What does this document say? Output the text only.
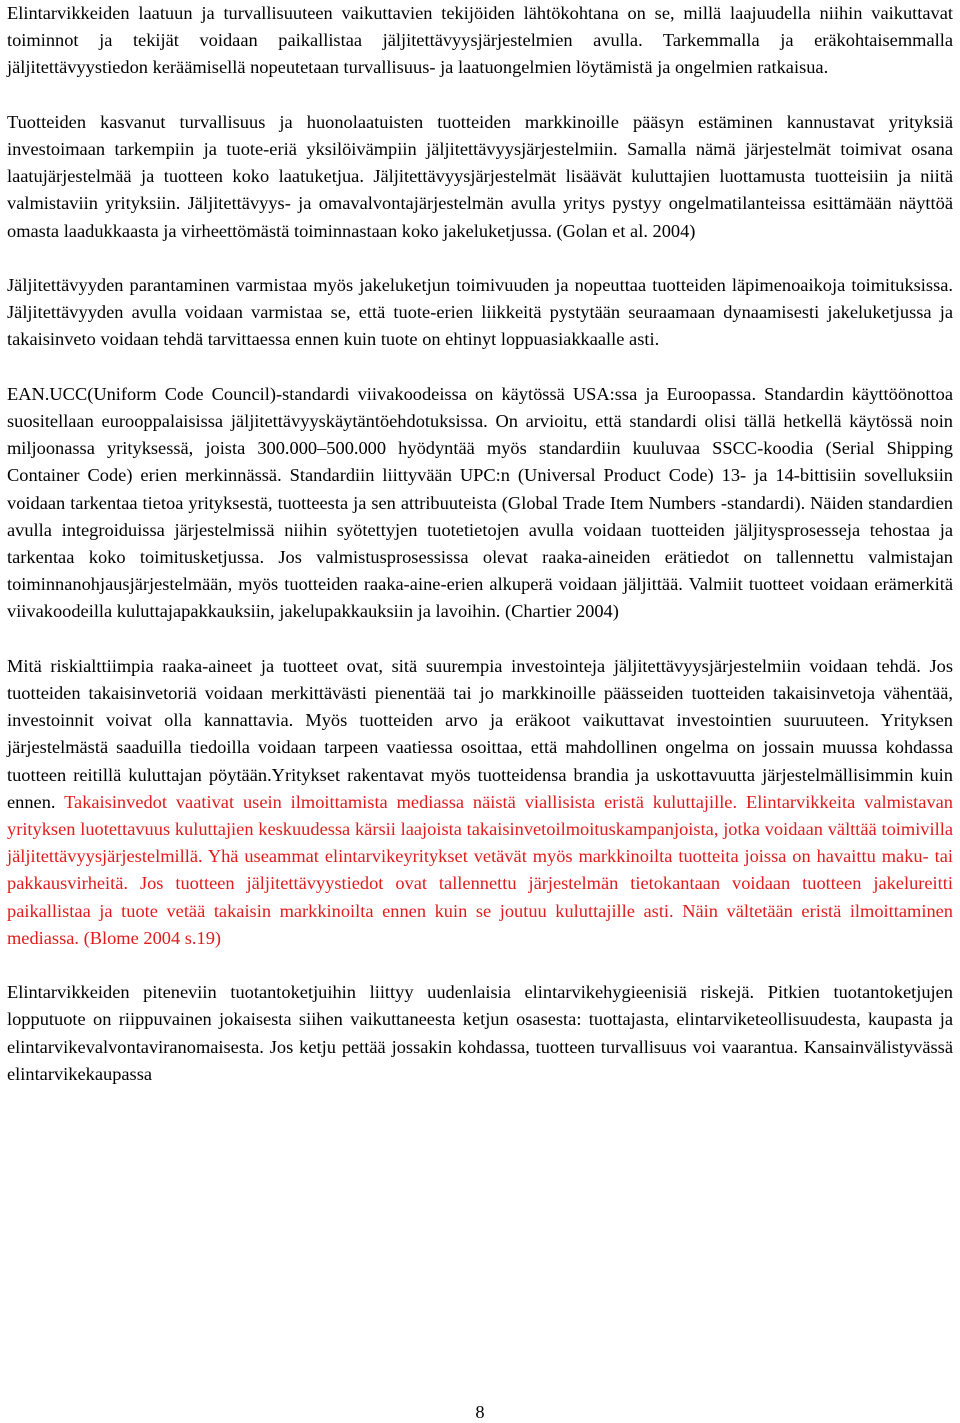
Elintarvikkeiden laatuun ja turvallisuuteen vaikuttavien tekijöiden lähtökohtana on se, millä laajuudella niihin vaikuttavat toiminnot ja tekijät voidaan paikallistaa jäljitettävyysjärjestelmien avulla. Tarkemmalla ja eräkohtaisemmalla jäljitettävyystiedon keräämisellä nopeutetaan turvallisuus- ja laatuongelmien löytämistä ja ongelmien ratkaisua.

Tuotteiden kasvanut turvallisuus ja huonolaatuisten tuotteiden markkinoille pääsyn estäminen kannustavat yrityksiä investoimaan tarkempiin ja tuote-eriä yksilöivämpiin jäljitettävyysjärjestelmiin. Samalla nämä järjestelmät toimivat osana laatujärjestelmää ja tuotteen koko laatuketjua. Jäljitettävyysjärjestelmät lisäävät kuluttajien luottamusta tuotteisiin ja niitä valmistaviin yrityksiin. Jäljitettävyys- ja omavalvontajärjestelmän avulla yritys pystyy ongelmatilanteissa esittämään näyttöä omasta laadukkaasta ja virheettömästä toiminnastaan koko jakeluketjussa. (Golan et al. 2004)

Jäljitettävyyden parantaminen varmistaa myös jakeluketjun toimivuuden ja nopeuttaa tuotteiden läpimenoaikoja toimituksissa. Jäljitettävyyden avulla voidaan varmistaa se, että tuote-erien liikkeitä pystytään seuraamaan dynaamisesti jakeluketjussa ja takaisinveto voidaan tehdä tarvittaessa ennen kuin tuote on ehtinyt loppuasiakkaalle asti.

EAN.UCC(Uniform Code Council)-standardi viivakoodeissa on käytössä USA:ssa ja Euroopassa. Standardin käyttöönottoa suositellaan eurooppalaisissa jäljitettävyyskäytäntöehdotuksissa. On arvioitu, että standardi olisi tällä hetkellä käytössä noin miljoonassa yrityksessä, joista 300.000–500.000 hyödyntää myös standardiin kuuluvaa SSCC-koodia (Serial Shipping Container Code) erien merkinnässä. Standardiin liittyvään UPC:n (Universal Product Code) 13- ja 14-bittisiin sovelluksiin voidaan tarkentaa tietoa yrityksestä, tuotteesta ja sen attribuuteista (Global Trade Item Numbers -standardi). Näiden standardien avulla integroiduissa järjestelmissä niihin syötettyjen tuotetietojen avulla voidaan tuotteiden jäljitysprosesseja tehostaa ja tarkentaa koko toimitusketjussa. Jos valmistusprosessissa olevat raaka-aineiden erätiedot on tallennettu valmistajan toiminnanohjausjärjestelmään, myös tuotteiden raaka-aine-erien alkuperä voidaan jäljittää. Valmiit tuotteet voidaan erämerkitä viivakoodeilla kuluttajapakkauksiin, jakelupakkauksiin ja lavoihin. (Chartier 2004)

Mitä riskialttiimpia raaka-aineet ja tuotteet ovat, sitä suurempia investointeja jäljitettävyysjärjestelmiin voidaan tehdä. Jos tuotteiden takaisinvetoriä voidaan merkittävästi pienentää tai jo markkinoille päässeiden tuotteiden takaisinvetoja vähentää, investoinnit voivat olla kannattavia. Myös tuotteiden arvo ja eräkoot vaikuttavat investointien suuruuteen. Yrityksen järjestelmästä saaduilla tiedoilla voidaan tarpeen vaatiessa osoittaa, että mahdollinen ongelma on jossain muussa kohdassa tuotteen reitillä kuluttajan pöytään.Yritykset rakentavat myös tuotteidensa brandia ja uskottavuutta järjestelmällisimmin kuin ennen. Takaisinvedot vaativat usein ilmoittamista mediassa näistä viallisista eristä kuluttajille. Elintarvikkeita valmistavan yrityksen luotettavuus kuluttajien keskuudessa kärsii laajoista takaisinvetoilmoituskampanjoista, jotka voidaan välttää toimivilla jäljitettävyysjärjestelmillä. Yhä useammat elintarvikeyritykset vetävät myös markkinoilta tuotteita joissa on havaittu maku- tai pakkausvirheitä. Jos tuotteen jäljitettävyystiedot ovat tallennettu järjestelmän tietokantaan voidaan tuotteen jakelureitti paikallistaa ja tuote vetää takaisin markkinoilta ennen kuin se joutuu kuluttajille asti. Näin vältetään eristä ilmoittaminen mediassa. (Blome 2004 s.19)

Elintarvikkeiden piteneviin tuotantoketjuihin liittyy uudenlaisia elintarvikehygieenisiä riskejä. Pitkien tuotantoketjujen lopputuote on riippuvainen jokaisesta siihen vaikuttaneesta ketjun osasesta: tuottajasta, elintarviketeollisuudesta, kaupasta ja elintarvikevalvontaviranomaisesta. Jos ketju pettää jossakin kohdassa, tuotteen turvallisuus voi vaarantua. Kansainvälistyvässä elintarvikekaupassa

8
